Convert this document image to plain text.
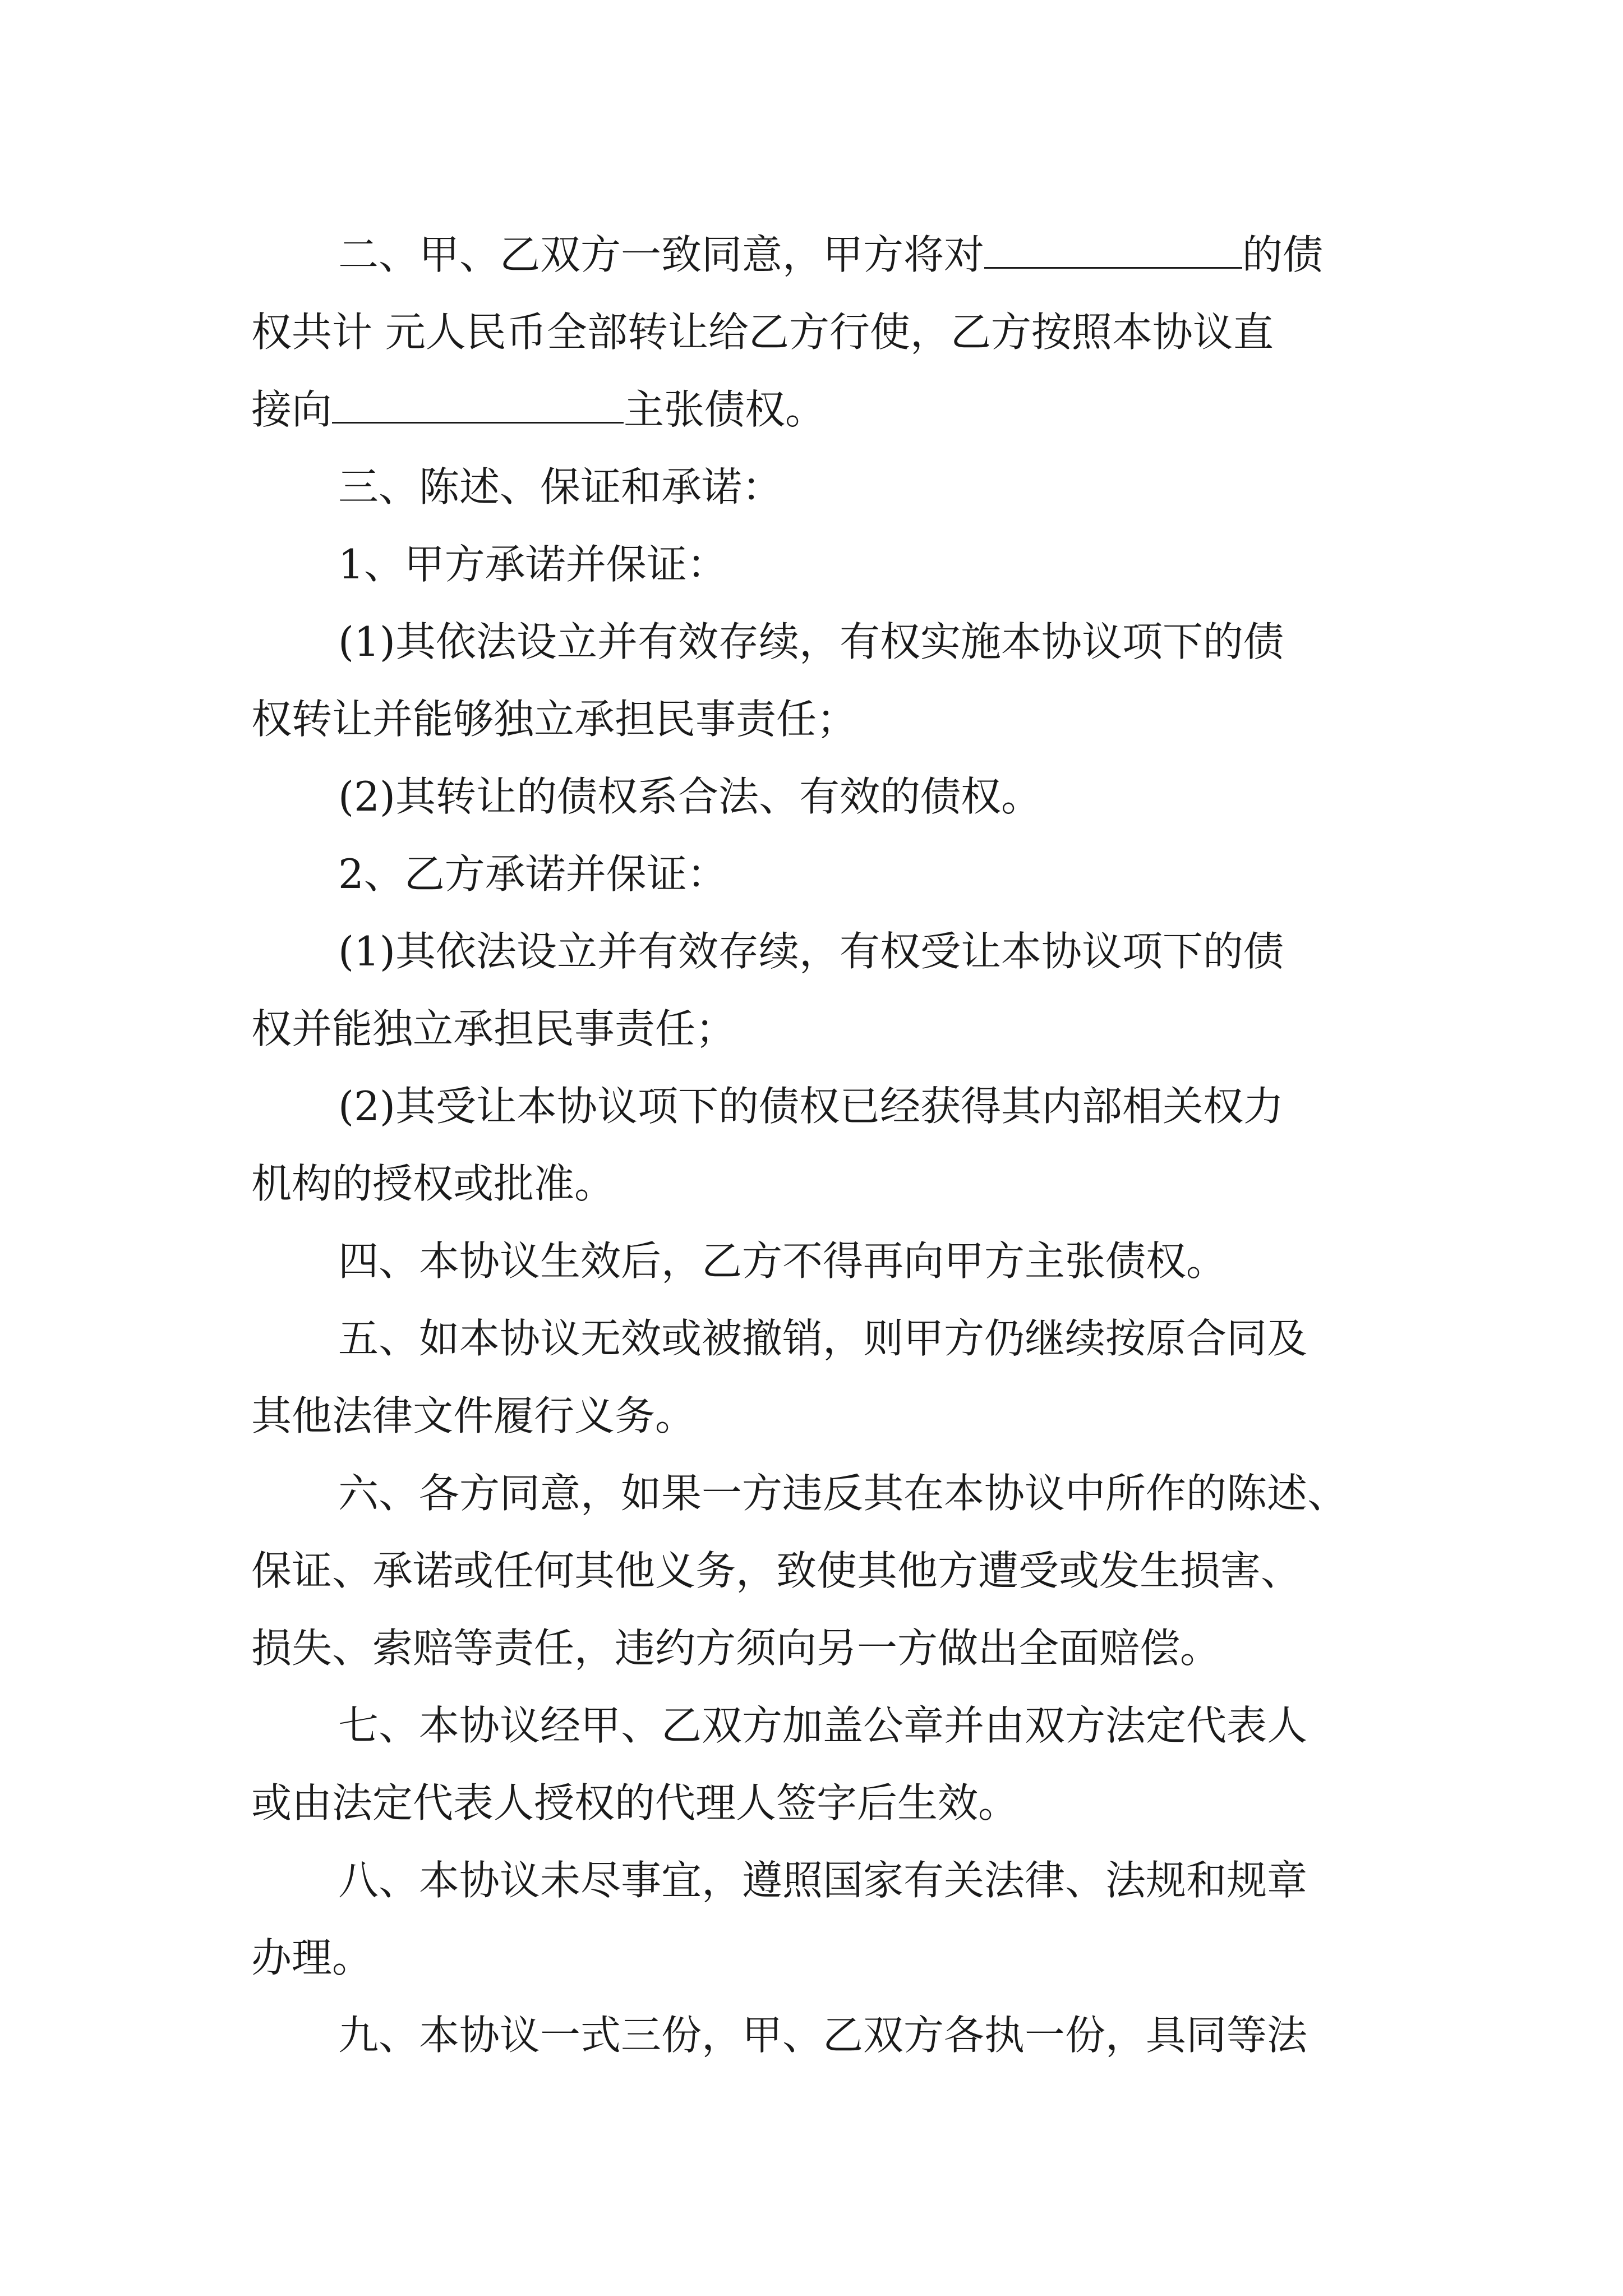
二、甲、乙双方一致同意，甲方将对	的债
权共计 元人民币全部转让给乙方行使，乙方按照本协议直
接向	主张债权。
三、陈述、保证和承诺：
1、甲方承诺并保证：
(1)其依法设立并有效存续，有权实施本协议项下的债
权转让并能够独立承担民事责任；
(2)其转让的债权系合法、有效的债权。
2、乙方承诺并保证：
(1)其依法设立并有效存续，有权受让本协议项下的债
权并能独立承担民事责任；
(2)其受让本协议项下的债权已经获得其内部相关权力
机构的授权或批准。
四、本协议生效后，乙方不得再向甲方主张债权。
五、如本协议无效或被撤销，则甲方仍继续按原合同及
其他法律文件履行义务。
六、各方同意，如果一方违反其在本协议中所作的陈述、
保证、承诺或任何其他义务，致使其他方遭受或发生损害、
损失、索赔等责任，违约方须向另一方做出全面赔偿。
七、本协议经甲、乙双方加盖公章并由双方法定代表人
或由法定代表人授权的代理人签字后生效。
八、本协议未尽事宜，遵照国家有关法律、法规和规章
办理。
九、本协议一式三份，甲、乙双方各执一份，具同等法
